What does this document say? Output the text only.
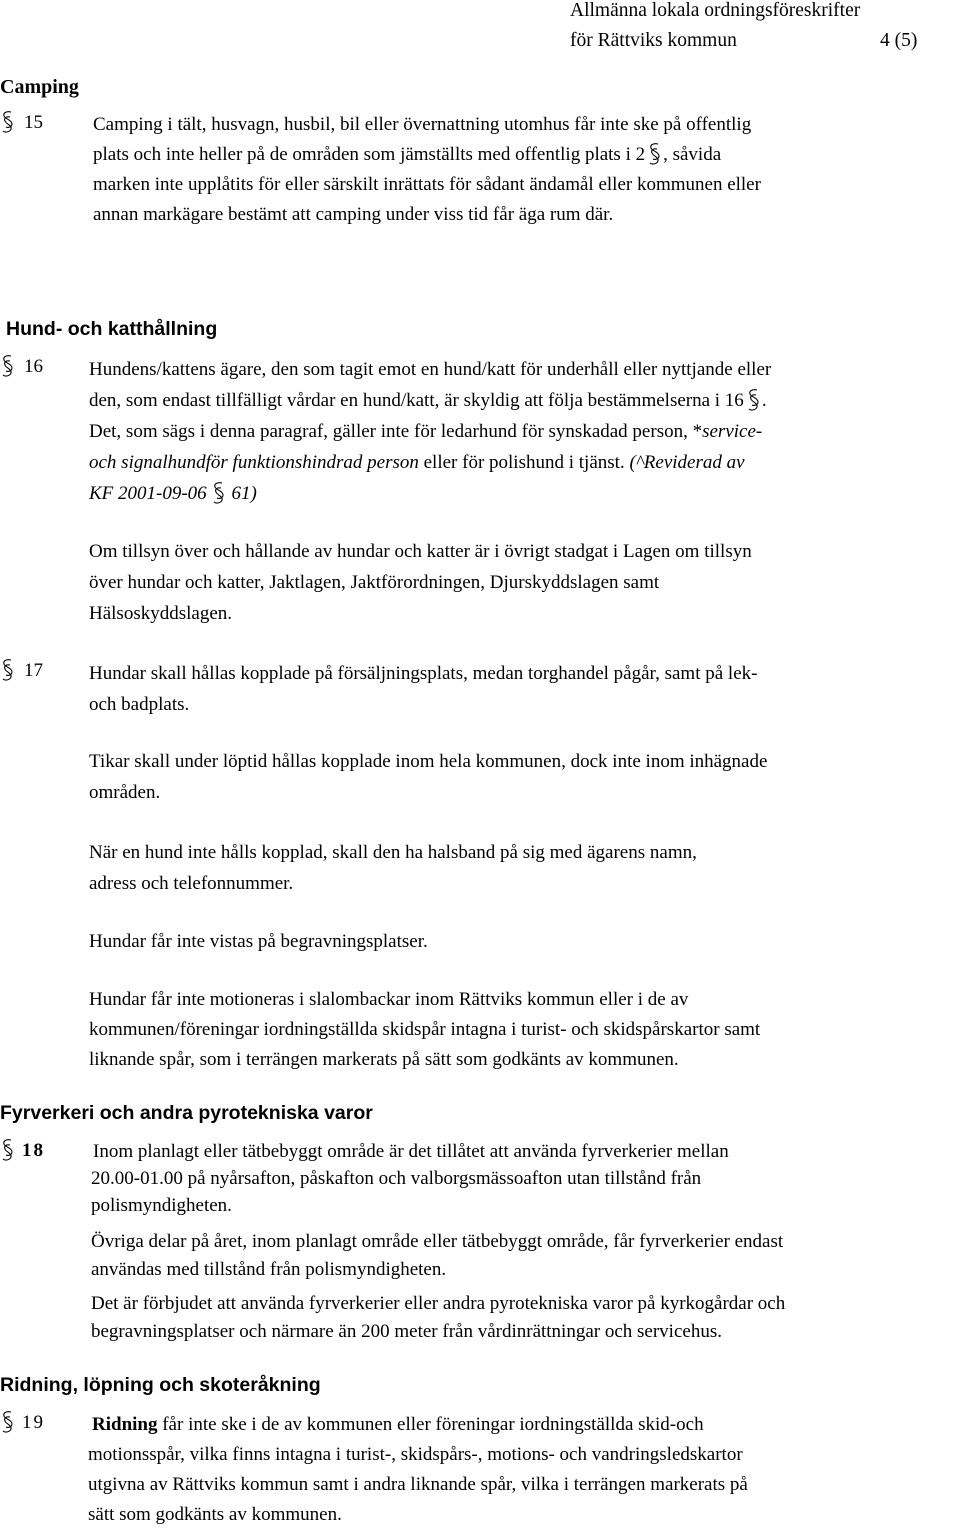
Allmänna lokala ordningsföreskrifter
för Rättviks kommun	4 (5)
Camping
15	Camping i tält, husvagn, husbil, bil eller övernattning utomhus får inte ske på offentlig
plats och inte heller på de områden som jämställts med offentlig plats i 2 , såvida
marken inte upplåtits för eller särskilt inrättats för sådant ändamål eller kommunen eller
annan markägare bestämt att camping under viss tid får äga rum där.
Hund- och katthållning
16 Hundens/kattens ägare, den som tagit emot en hund/katt för underhåll eller nyttjande eller
den, som endast tillfälligt vårdar en hund/katt, är skyldig att följa bestämmelserna i 16 .
Det, som sägs i denna paragraf, gäller inte för ledarhund för synskadad person, *service-
och signalhundför funktionshindrad person eller för polishund i tjänst. (^Reviderad av
KF 2001-09-06 61)
Om tillsyn över och hållande av hundar och katter är i övrigt stadgat i Lagen om tillsyn
över hundar och katter, Jaktlagen, Jaktförordningen, Djurskyddslagen samt
Hälsoskyddslagen.
17 Hundar skall hållas kopplade på försäljningsplats, medan torghandel pågår, samt på lek-
och badplats.
Tikar skall under löptid hållas kopplade inom hela kommunen, dock inte inom inhägnade
områden.
När en hund inte hålls kopplad, skall den ha halsband på sig med ägarens namn,
adress och telefonnummer.
Hundar får inte vistas på begravningsplatser.
Hundar får inte motioneras i slalombackar inom Rättviks kommun eller i de av
kommunen/föreningar iordningställda skidspår intagna i turist- och skidspårskartor samt
liknande spår, som i terrängen markerats på sätt som godkänts av kommunen.
Fyrverkeri och andra pyrotekniska varor
18	Inom planlagt eller tätbebyggt område är det tillåtet att använda fyrverkerier mellan
20.00-01.00 på nyårsafton, påskafton och valborgsmässoafton utan tillstånd från
polismyndigheten.
Övriga delar på året, inom planlagt område eller tätbebyggt område, får fyrverkerier endast
användas med tillstånd från polismyndigheten.
Det är förbjudet att använda fyrverkerier eller andra pyrotekniska varor på kyrkogårdar och
begravningsplatser och närmare än 200 meter från vårdinrättningar och servicehus.
Ridning, löpning och skoteråkning
19 Ridning får inte ske i de av kommunen eller föreningar iordningställda skid-och
motionsspår, vilka finns intagna i turist-, skidspårs-, motions- och vandringsledskartor
utgivna av Rättviks kommun samt i andra liknande spår, vilka i terrängen markerats på
sätt som godkänts av kommunen.
